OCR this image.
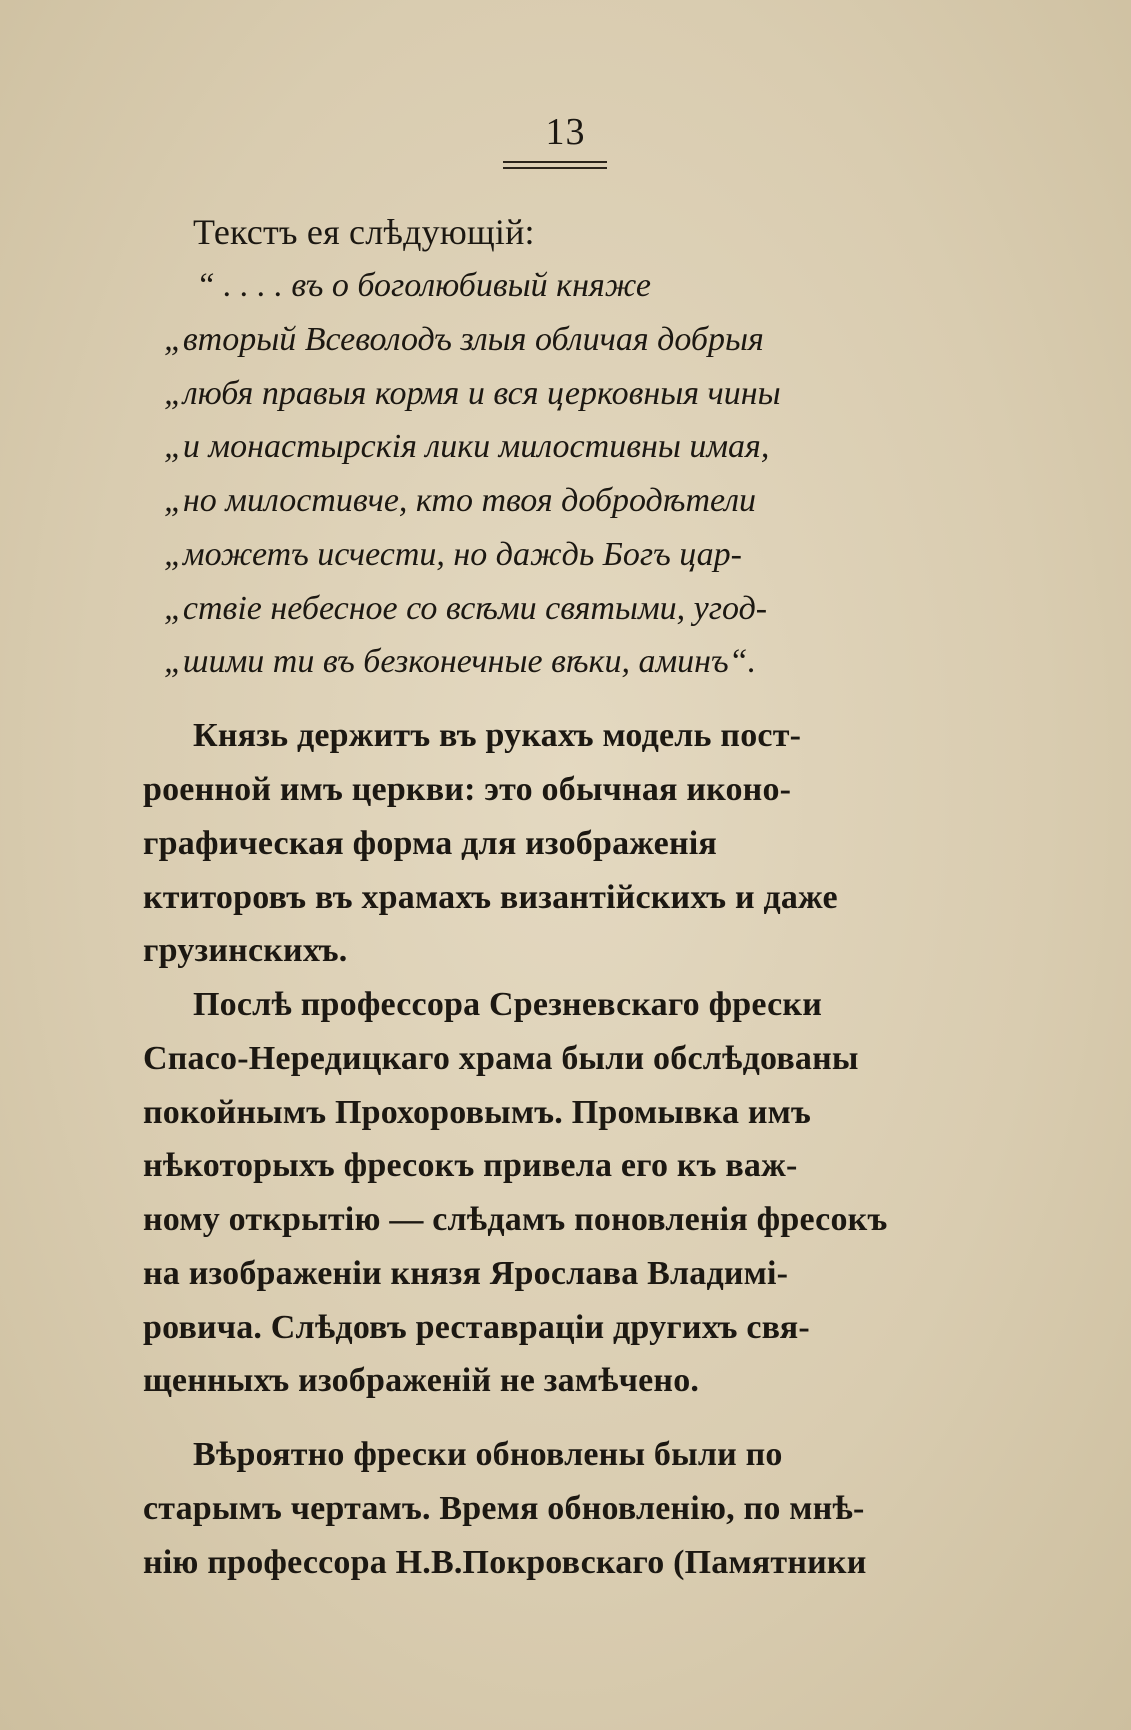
13
Текстъ ея слѣдующій:
“ . . . . въ о боголюбивый княже
„вторый Всеволодъ злыя обличая добрыя
„любя правыя кормя и вся церковныя чины
„и монастырскія лики милостивны имая,
„но милостивче, кто твоя добродѣтели
„можетъ исчести, но даждь Богъ цар-
„ствіе небесное со всѣми святыми, угод-
„шими ти въ безконечные вѣки, аминъ“.
Князь держитъ въ рукахъ модель пост-
роенной имъ церкви: это обычная иконо-
графическая форма для изображенія
ктиторовъ въ храмахъ византійскихъ и даже
грузинскихъ.
Послѣ профессора Срезневскаго фрески
Спасо-Нередицкаго храма были обслѣдованы
покойнымъ Прохоровымъ. Промывка имъ
нѣкоторыхъ фресокъ привела его къ важ-
ному открытію — слѣдамъ поновленія фресокъ
на изображеніи князя Ярослава Владимі-
ровича. Слѣдовъ реставраціи другихъ свя-
щенныхъ изображеній не замѣчено.
Вѣроятно фрески обновлены были по
старымъ чертамъ. Время обновленію, по мнѣ-
нію профессора Н.В.Покровскаго (Памятники
